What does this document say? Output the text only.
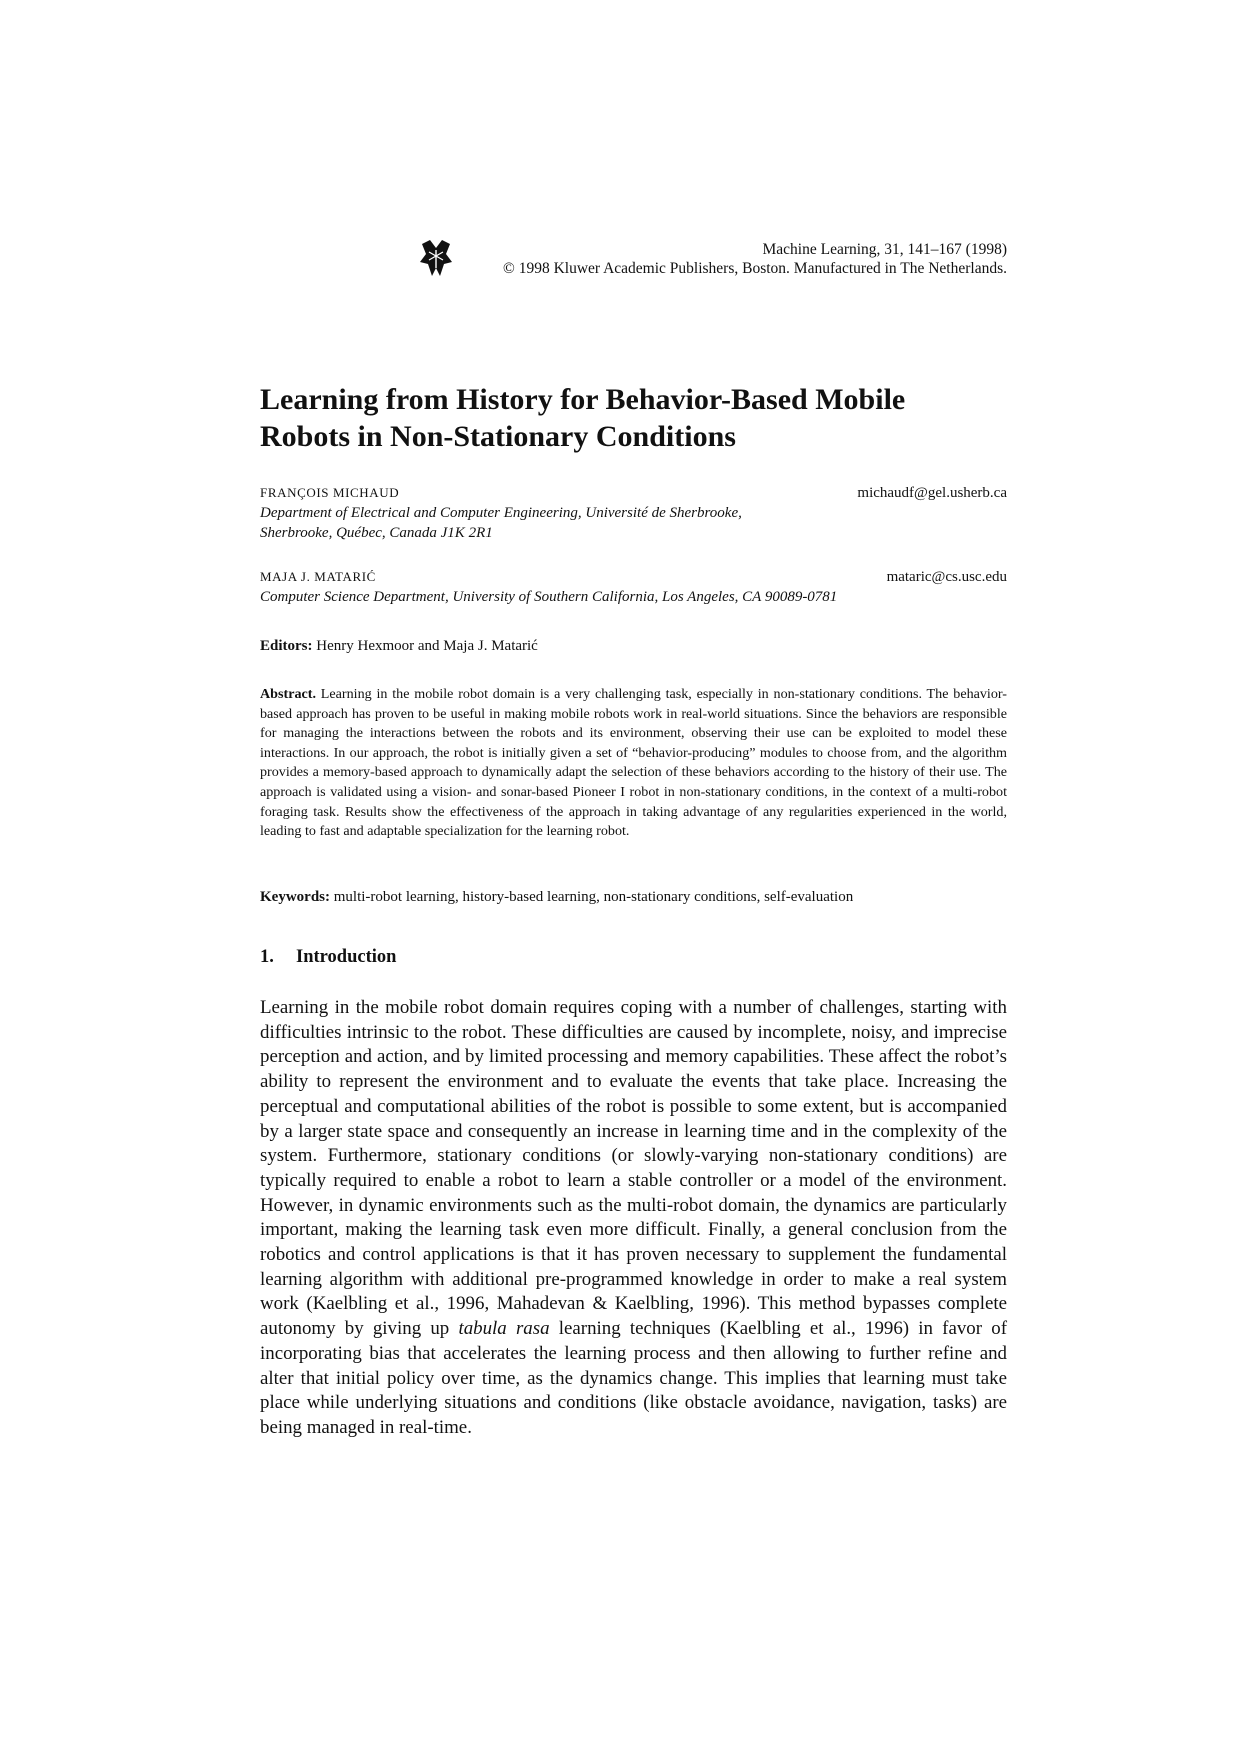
Machine Learning, 31, 141–167 (1998)
© 1998 Kluwer Academic Publishers, Boston. Manufactured in The Netherlands.
Learning from History for Behavior-Based Mobile
Robots in Non-Stationary Conditions
FRANÇOIS MICHAUD	michaudf@gel.usherb.ca
Department of Electrical and Computer Engineering, Université de Sherbrooke,
Sherbrooke, Québec, Canada J1K 2R1
MAJA J. MATARIĆ	mataric@cs.usc.edu
Computer Science Department, University of Southern California, Los Angeles, CA 90089-0781
Editors: Henry Hexmoor and Maja J. Matarić
Abstract. Learning in the mobile robot domain is a very challenging task, especially in non-stationary conditions. The behavior-based approach has proven to be useful in making mobile robots work in real-world situations. Since the behaviors are responsible for managing the interactions between the robots and its environment, observing their use can be exploited to model these interactions. In our approach, the robot is initially given a set of “behavior-producing” modules to choose from, and the algorithm provides a memory-based approach to dynamically adapt the selection of these behaviors according to the history of their use. The approach is validated using a vision- and sonar-based Pioneer I robot in non-stationary conditions, in the context of a multi-robot foraging task. Results show the effectiveness of the approach in taking advantage of any regularities experienced in the world, leading to fast and adaptable specialization for the learning robot.
Keywords: multi-robot learning, history-based learning, non-stationary conditions, self-evaluation
1. Introduction

Learning in the mobile robot domain requires coping with a number of challenges, starting with difficulties intrinsic to the robot. These difficulties are caused by incomplete, noisy, and imprecise perception and action, and by limited processing and memory capabilities. These affect the robot’s ability to represent the environment and to evaluate the events that take place. Increasing the perceptual and computational abilities of the robot is possible to some extent, but is accompanied by a larger state space and consequently an increase in learning time and in the complexity of the system. Furthermore, stationary conditions (or slowly-varying non-stationary conditions) are typically required to enable a robot to learn a stable controller or a model of the environment. However, in dynamic environments such as the multi-robot domain, the dynamics are particularly important, making the learning task even more difficult. Finally, a general conclusion from the robotics and control applications is that it has proven necessary to supplement the fundamental learning algorithm with additional pre-programmed knowledge in order to make a real system work (Kaelbling et al., 1996, Mahadevan & Kaelbling, 1996). This method bypasses complete autonomy by giving up tabula rasa learning techniques (Kaelbling et al., 1996) in favor of incorporating bias that accelerates the learning process and then allowing to further refine and alter that initial policy over time, as the dynamics change. This implies that learning must take place while underlying situations and conditions (like obstacle avoidance, navigation, tasks) are being managed in real-time.
